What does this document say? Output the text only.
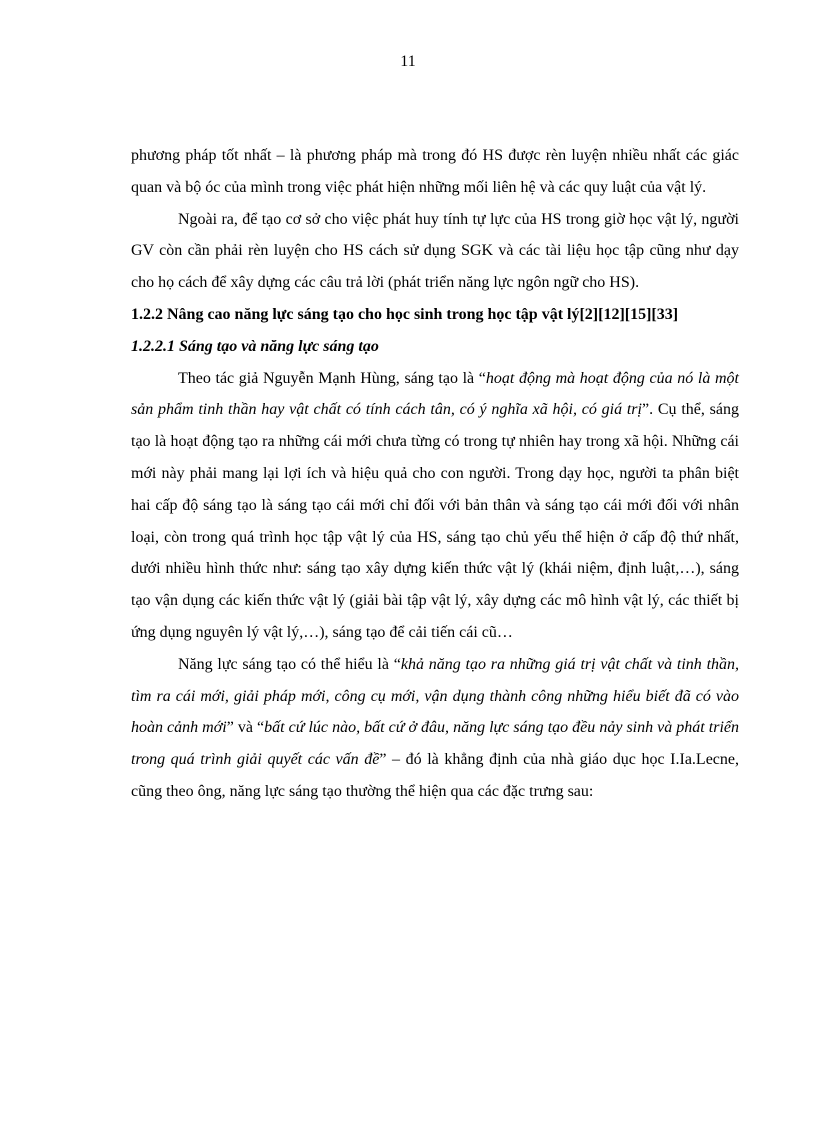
11

phương pháp tốt nhất – là phương pháp mà trong đó HS được rèn luyện nhiều nhất các giác quan và bộ óc của mình trong việc phát hiện những mối liên hệ và các quy luật của vật lý.

Ngoài ra, để tạo cơ sở cho việc phát huy tính tự lực của HS trong giờ học vật lý, người GV còn cần phải rèn luyện cho HS cách sử dụng SGK và các tài liệu học tập cũng như dạy cho họ cách để xây dựng các câu trả lời (phát triển năng lực ngôn ngữ cho HS).

1.2.2 Nâng cao năng lực sáng tạo cho học sinh trong học tập vật lý[2][12][15][33]

1.2.2.1 Sáng tạo và năng lực sáng tạo

Theo tác giả Nguyễn Mạnh Hùng, sáng tạo là “hoạt động mà hoạt động của nó là một sản phẩm tinh thần hay vật chất có tính cách tân, có ý nghĩa xã hội, có giá trị”. Cụ thể, sáng tạo là hoạt động tạo ra những cái mới chưa từng có trong tự nhiên hay trong xã hội. Những cái mới này phải mang lại lợi ích và hiệu quả cho con người. Trong dạy học, người ta phân biệt hai cấp độ sáng tạo là sáng tạo cái mới chỉ đối với bản thân và sáng tạo cái mới đối với nhân loại, còn trong quá trình học tập vật lý của HS, sáng tạo chủ yếu thể hiện ở cấp độ thứ nhất, dưới nhiều hình thức như: sáng tạo xây dựng kiến thức vật lý (khái niệm, định luật,…), sáng tạo vận dụng các kiến thức vật lý (giải bài tập vật lý, xây dựng các mô hình vật lý, các thiết bị ứng dụng nguyên lý vật lý,…), sáng tạo để cải tiến cái cũ…

Năng lực sáng tạo có thể hiểu là “khả năng tạo ra những giá trị vật chất và tinh thần, tìm ra cái mới, giải pháp mới, công cụ mới, vận dụng thành công những hiểu biết đã có vào hoàn cảnh mới” và “bất cứ lúc nào, bất cứ ở đâu, năng lực sáng tạo đều nảy sinh và phát triển trong quá trình giải quyết các vấn đề” – đó là khẳng định của nhà giáo dục học I.Ia.Lecne, cũng theo ông, năng lực sáng tạo thường thể hiện qua các đặc trưng sau:
